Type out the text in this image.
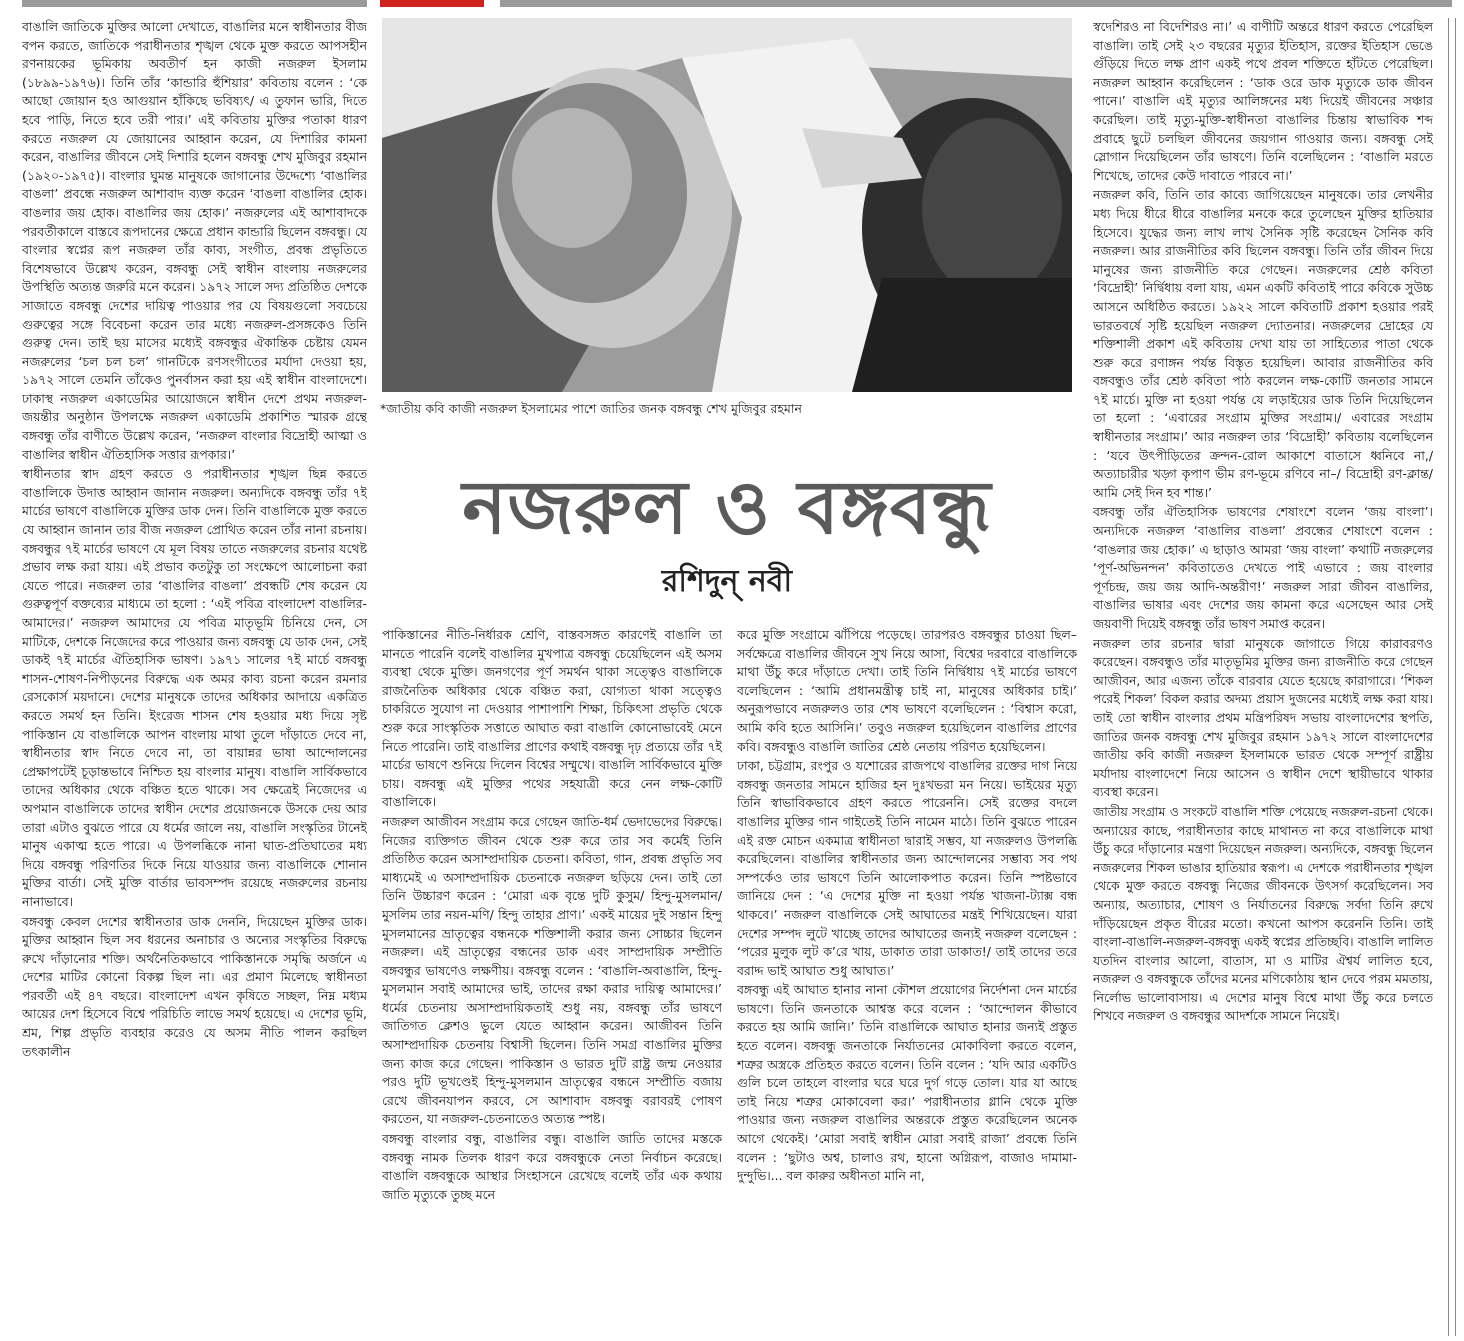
বাঙালি জাতিকে মুক্তির আলো দেখাতে, বাঙালির মনে স্বাধীনতার বীজ বপন করতে, জাতিকে পরাধীনতার শৃঙ্খল থেকে মুক্ত করতে আপসহীন রণনায়কের ভূমিকায় অবতীর্ণ হন কাজী নজরুল ইসলাম (১৮৯৯-১৯৭৬)। তিনি তাঁর ‘কান্ডারি হুঁশিয়ার’ কবিতায় বলেন : ‘কে আছো জোয়ান হও আগুয়ান হাঁকিছে ভবিষ্যৎ/ এ তুফান ভারি, দিতে হবে পাড়ি, নিতে হবে তরী পার।’ এই কবিতায় মুক্তির পতাকা ধারণ করতে নজরুল যে জোয়ানের আহ্বান করেন, যে দিশারির কামনা করেন, বাঙালির জীবনে সেই দিশারি হলেন বঙ্গবন্ধু শেখ মুজিবুর রহমান (১৯২০-১৯৭৫)। বাংলার ঘুমন্ত মানুষকে জাগানোর উদ্দেশ্যে ‘বাঙালির বাঙলা’ প্রবন্ধে নজরুল আশাবাদ ব্যক্ত করেন ‘বাঙলা বাঙালির হোক। বাঙলার জয় হোক। বাঙালির জয় হোক।’ নজরুলের এই আশাবাদকে পরবর্তীকালে বাস্তবে রূপদানের ক্ষেত্রে প্রধান কান্ডারি ছিলেন বঙ্গবন্ধু। যে বাংলার স্বপ্নের রূপ নজরুল তাঁর কাব্য, সংগীত, প্রবন্ধ প্রভৃতিতে বিশেষভাবে উল্লেখ করেন, বঙ্গবন্ধু সেই স্বাধীন বাংলায় নজরুলের উপস্থিতি অত্যন্ত জরুরি মনে করেন। ১৯৭২ সালে সদ্য প্রতিষ্ঠিত দেশকে সাজাতে বঙ্গবন্ধু দেশের দায়িত্ব পাওয়ার পর যে বিষয়গুলো সবচেয়ে গুরুত্বের সঙ্গে বিবেচনা করেন তার মধ্যে নজরুল-প্রসঙ্গকেও তিনি গুরুত্ব দেন। তাই ছয় মাসের মধ্যেই বঙ্গবন্ধুর ঐকান্তিক চেষ্টায় যেমন নজরুলের ‘চল চল চল’ গানটিকে রণসংগীতের মর্যাদা দেওয়া হয়, ১৯৭২ সালে তেমনি তাঁকেও পুনর্বাসন করা হয় এই স্বাধীন বাংলাদেশে। ঢাকাস্থ নজরুল একাডেমির আয়োজনে স্বাধীন দেশে প্রথম নজরুল-জয়ন্তীর অনুষ্ঠান উপলক্ষে নজরুল একাডেমি প্রকাশিত স্মারক গ্রন্থে বঙ্গবন্ধু তাঁর বাণীতে উল্লেখ করেন, ‘নজরুল বাংলার বিদ্রোহী আত্মা ও বাঙালির স্বাধীন ঐতিহাসিক সত্তার রূপকার।’

স্বাধীনতার স্বাদ গ্রহণ করতে ও পরাধীনতার শৃঙ্খল ছিন্ন করতে বাঙালিকে উদাত্ত আহ্বান জানান নজরুল। অন্যদিকে বঙ্গবন্ধু তাঁর ৭ই মার্চের ভাষণে বাঙালিকে মুক্তির ডাক দেন। তিনি বাঙালিকে মুক্ত করতে যে আহ্বান জানান তার বীজ নজরুল প্রোথিত করেন তাঁর নানা রচনায়। বঙ্গবন্ধুর ৭ই মার্চের ভাষণে যে মূল বিষয় তাতে নজরুলের রচনার যথেষ্ট প্রভাব লক্ষ করা যায়। এই প্রভাব কতটুকু তা সংক্ষেপে আলোচনা করা যেতে পারে। নজরুল তার ‘বাঙালির বাঙলা’ প্রবন্ধটি শেষ করেন যে গুরুত্বপূর্ণ বক্তব্যের মাধ্যমে তা হলো : ‘এই পবিত্র বাংলাদেশ বাঙালির-আমাদের।’ নজরুল আমাদের যে পবিত্র মাতৃভূমি চিনিয়ে দেন, সে মাটিকে, দেশকে নিজেদের করে পাওয়ার জন্য বঙ্গবন্ধু যে ডাক দেন, সেই ডাকই ৭ই মার্চের ঐতিহাসিক ভাষণ। ১৯৭১ সালের ৭ই মার্চে বঙ্গবন্ধু শাসন-শোষণ-নিপীড়নের বিরুদ্ধে এক অমর কাব্য রচনা করেন রমনার রেসকোর্স ময়দানে। দেশের মানুষকে তাদের অধিকার আদায়ে একত্রিত করতে সমর্থ হন তিনি। ইংরেজ শাসন শেষ হওয়ার মধ্য দিয়ে সৃষ্ট পাকিস্তান যে বাঙালিকে আপন বাংলায় মাথা তুলে দাঁড়াতে দেবে না, স্বাধীনতার স্বাদ নিতে দেবে না, তা বায়ান্নর ভাষা আন্দোলনের প্রেক্ষাপটেই চূড়ান্তভাবে নিশ্চিত হয় বাংলার মানুষ। বাঙালি সার্বিকভাবে তাদের অধিকার থেকে বঞ্চিত হতে থাকে। সব ক্ষেত্রেই নিজেদের এ অপমান বাঙালিকে তাদের স্বাধীন দেশের প্রয়োজনকে উসকে দেয় আর তারা এটাও বুঝতে পারে যে ধর্মের জালে নয়, বাঙালি সংস্কৃতির টানেই মানুষ একাত্ম হতে পারে। এ উপলব্ধিকে নানা ঘাত-প্রতিঘাতের মধ্য দিয়ে বঙ্গবন্ধু পরিণতির দিকে নিয়ে যাওয়ার জন্য বাঙালিকে শোনান মুক্তির বার্তা। সেই মুক্তি বার্তার ভাবসম্পদ রয়েছে নজরুলের রচনায় নানাভাবে।

বঙ্গবন্ধু কেবল দেশের স্বাধীনতার ডাক দেননি, দিয়েছেন মুক্তির ডাক। মুক্তির আহ্বান ছিল সব ধরনের অনাচার ও অন্যের সংস্কৃতির বিরুদ্ধে রুখে দাঁড়ানোর শক্তি। অর্থনৈতিকভাবে পাকিস্তানকে সমৃদ্ধি অর্জনে এ দেশের মাটির কোনো বিকল্প ছিল না। এর প্রমাণ মিলেছে স্বাধীনতা পরবর্তী এই ৪৭ বছরে। বাংলাদেশ এখন কৃষিতে সচ্ছল, নিম্ন মধ্যম আয়ের দেশ হিসেবে বিশ্বে পরিচিতি লাভে সমর্থ হয়েছে। এ দেশের ভূমি, শ্রম, শিল্প প্রভৃতি ব্যবহার করেও যে অসম নীতি পালন করছিল তৎকালীন

*জাতীয় কবি কাজী নজরুল ইসলামের পাশে জাতির জনক বঙ্গবন্ধু শেখ মুজিবুর রহমান
নজরুল ও বঙ্গবন্ধু
রশিদুন্ নবী

পাকিস্তানের নীতি-নির্ধারক শ্রেণি, বাস্তবসঙ্গত কারণেই বাঙালি তা মানতে পারেনি বলেই বাঙালির মুখপাত্র বঙ্গবন্ধু চেয়েছিলেন এই অসম ব্যবস্থা থেকে মুক্তি। জনগণের পূর্ণ সমর্থন থাকা সত্ত্বেও বাঙালিকে রাজনৈতিক অধিকার থেকে বঞ্চিত করা, যোগ্যতা থাকা সত্ত্বেও চাকরিতে সুযোগ না দেওয়ার পাশাপাশি শিক্ষা, চিকিৎসা প্রভৃতি থেকে শুরু করে সাংস্কৃতিক সত্তাতে আঘাত করা বাঙালি কোনোভাবেই মেনে নিতে পারেনি। তাই বাঙালির প্রাণের কথাই বঙ্গবন্ধু দৃঢ় প্রত্যয়ে তাঁর ৭ই মার্চের ভাষণে শুনিয়ে দিলেন বিশ্বের সম্মুখে। বাঙালি সার্বিকভাবে মুক্তি চায়। বঙ্গবন্ধু এই মুক্তির পথের সহযাত্রী করে নেন লক্ষ-কোটি বাঙালিকে।

নজরুল আজীবন সংগ্রাম করে গেছেন জাতি-ধর্ম ভেদাভেদের বিরুদ্ধে। নিজের ব্যক্তিগত জীবন থেকে শুরু করে তার সব কর্মেই তিনি প্রতিষ্ঠিত করেন অসাম্প্রদায়িক চেতনা। কবিতা, গান, প্রবন্ধ প্রভৃতি সব মাধ্যমেই এ অসাম্প্রদায়িক চেতনাকে নজরুল ছড়িয়ে দেন। তাই তো তিনি উচ্চারণ করেন : ‘মোরা এক বৃন্তে দুটি কুসুম/ হিন্দু-মুসলমান/ মুসলিম তার নয়ন-মণি/ হিন্দু তাহার প্রাণ।’ একই মায়ের দুই সন্তান হিন্দু মুসলমানের ভ্রাতৃত্বের বন্ধনকে শক্তিশালী করার জন্য সোচ্চার ছিলেন নজরুল। এই ভ্রাতৃত্বের বন্ধনের ডাক এবং সাম্প্রদায়িক সম্প্রীতি বঙ্গবন্ধুর ভাষণেও লক্ষণীয়। বঙ্গবন্ধু বলেন : ‘বাঙালি-অবাঙালি, হিন্দু-মুসলমান সবাই আমাদের ভাই, তাদের রক্ষা করার দায়িত্ব আমাদের।’ ধর্মের চেতনায় অসাম্প্রদায়িকতাই শুধু নয়, বঙ্গবন্ধু তাঁর ভাষণে জাতিগত ক্লেশও ভুলে যেতে আহ্বান করেন। আজীবন তিনি অসাম্প্রদায়িক চেতনায় বিশ্বাসী ছিলেন। তিনি সমগ্র বাঙালির মুক্তির জন্য কাজ করে গেছেন। পাকিস্তান ও ভারত দুটি রাষ্ট্র জন্ম নেওয়ার পরও দুটি ভূখণ্ডেই হিন্দু-মুসলমান ভ্রাতৃত্বের বন্ধনে সম্প্রীতি বজায় রেখে জীবনযাপন করবে, সে আশাবাদ বঙ্গবন্ধু বরাবরই পোষণ করতেন, যা নজরুল-চেতনাতেও অত্যন্ত স্পষ্ট।

বঙ্গবন্ধু বাংলার বন্ধু, বাঙালির বন্ধু। বাঙালি জাতি তাদের মস্তকে বঙ্গবন্ধু নামক তিলক ধারণ করে বঙ্গবন্ধুকে নেতা নির্বাচন করেছে। বাঙালি বঙ্গবন্ধুকে আস্থার সিংহাসনে রেখেছে বলেই তাঁর এক কথায় জাতি মৃত্যুকে তুচ্ছ মনে

করে মুক্তি সংগ্রামে ঝাঁপিয়ে পড়েছে। তারপরও বঙ্গবন্ধুর চাওয়া ছিল– সর্বক্ষেত্রে বাঙালির জীবনে সুখ নিয়ে আসা, বিশ্বের দরবারে বাঙালিকে মাথা উঁচু করে দাঁড়াতে দেখা। তাই তিনি নির্দ্বিধায় ৭ই মার্চের ভাষণে বলেছিলেন : ‘আমি প্রধানমন্ত্রীত্ব চাই না, মানুষের অধিকার চাই।’ অনুরূপভাবে নজরুলও তার শেষ ভাষণে বলেছিলেন : ‘বিশ্বাস করো, আমি কবি হতে আসিনি।’ তবুও নজরুল হয়েছিলেন বাঙালির প্রাণের কবি। বঙ্গবন্ধুও বাঙালি জাতির শ্রেষ্ঠ নেতায় পরিণত হয়েছিলেন।

ঢাকা, চট্টগ্রাম, রংপুর ও যশোরের রাজপথে বাঙালির রক্তের দাগ নিয়ে বঙ্গবন্ধু জনতার সামনে হাজির হন দুঃখভরা মন নিয়ে। ভাইয়ের মৃত্যু তিনি স্বাভাবিকভাবে গ্রহণ করতে পারেননি। সেই রক্তের বদলে বাঙালির মুক্তির গান গাইতেই তিনি নামেন মাঠে। তিনি বুঝতে পারেন এই রক্ত মোচন একমাত্র স্বাধীনতা দ্বারাই সম্ভব, যা নজরুলও উপলব্ধি করেছিলেন। বাঙালির স্বাধীনতার জন্য আন্দোলনের সম্ভাব্য সব পথ সম্পর্কেও তার ভাষণে তিনি আলোকপাত করেন। তিনি স্পষ্টভাবে জানিয়ে দেন : ‘এ দেশের মুক্তি না হওয়া পর্যন্ত খাজনা-ট্যাক্স বন্ধ থাকবে।’ নজরুল বাঙালিকে সেই আঘাতের মন্ত্রই শিখিয়েছেন। যারা দেশের সম্পদ লুটে খাচ্ছে তাদের আঘাতের জন্যই নজরুল বলেছেন : ‘পরের মুলুক লুট ক’রে খায়, ডাকাত তারা ডাকাত!/ তাই তাদের তরে বরাদ্দ ভাই আঘাত শুধু আঘাত।’

বঙ্গবন্ধু এই আঘাত হানার নানা কৌশল প্রয়োগের নির্দেশনা দেন মার্চের ভাষণে। তিনি জনতাকে আশ্বস্ত করে বলেন : ‘আন্দোলন কীভাবে করতে হয় আমি জানি।’ তিনি বাঙালিকে আঘাত হানার জন্যই প্রস্তুত হতে বলেন। বঙ্গবন্ধু জনতাকে নির্যাতনের মোকাবিলা করতে বলেন, শত্রুর অস্ত্রকে প্রতিহত করতে বলেন। তিনি বলেন : ‘যদি আর একটিও গুলি চলে তাহলে বাংলার ঘরে ঘরে দুর্গ গড়ে তোল। যার যা আছে তাই নিয়ে শত্রুর মোকাবেলা কর।’ পরাধীনতার গ্লানি থেকে মুক্তি পাওয়ার জন্য নজরুল বাঙালির অন্তরকে প্রস্তুত করেছিলেন অনেক আগে থেকেই। ‘মোরা সবাই স্বাধীন মোরা সবাই রাজা’ প্রবন্ধে তিনি বলেন : ‘ছুটাও অশ্ব, চালাও রথ, হানো অগ্নিরূপ, বাজাও দামামা-দুন্দুভি।... বল কারুর অধীনতা মানি না,

স্বদেশিরও না বিদেশিরও না।’ এ বাণীটি অন্তরে ধারণ করতে পেরেছিল বাঙালি। তাই সেই ২৩ বছরের মৃত্যুর ইতিহাস, রক্তের ইতিহাস ভেঙে গুঁড়িয়ে দিতে লক্ষ প্রাণ একই পথে প্রবল শক্তিতে হাঁটতে পেরেছিল। নজরুল আহ্বান করেছিলেন : ‘ডাক ওরে ডাক মৃত্যুকে ডাক জীবন পানে।’ বাঙালি এই মৃত্যুর আলিঙ্গনের মধ্য দিয়েই জীবনের সঞ্চার করেছিল। তাই মৃত্যু-মুক্তি-স্বাধীনতা বাঙালির চিন্তায় স্বাভাবিক শব্দ প্রবাহে ছুটে চলছিল জীবনের জয়গান গাওয়ার জন্য। বঙ্গবন্ধু সেই স্লোগান দিয়েছিলেন তাঁর ভাষণে। তিনি বলেছিলেন : ‘বাঙালি মরতে শিখেছে, তাদের কেউ দাবাতে পারবে না।’

নজরুল কবি, তিনি তার কাব্যে জাগিয়েছেন মানুষকে। তার লেখনীর মধ্য দিয়ে ধীরে ধীরে বাঙালির মনকে করে তুলেছেন মুক্তির হাতিয়ার হিসেবে। যুদ্ধের জন্য লাখ লাখ সৈনিক সৃষ্টি করেছেন সৈনিক কবি নজরুল। আর রাজনীতির কবি ছিলেন বঙ্গবন্ধু। তিনি তাঁর জীবন দিয়ে মানুষের জন্য রাজনীতি করে গেছেন। নজরুলের শ্রেষ্ঠ কবিতা ‘বিদ্রোহী’ নির্দ্বিধায় বলা যায়, এমন একটি কবিতাই পারে কবিকে সুউচ্চ আসনে অধিষ্ঠিত করতে। ১৯২২ সালে কবিতাটি প্রকাশ হওয়ার পরই ভারতবর্ষে সৃষ্টি হয়েছিল নজরুল দ্যোতনার। নজরুলের দ্রোহের যে শক্তিশালী প্রকাশ এই কবিতায় দেখা যায় তা সাহিত্যের পাতা থেকে শুরু করে রণাঙ্গন পর্যন্ত বিস্তৃত হয়েছিল। আবার রাজনীতির কবি বঙ্গবন্ধুও তাঁর শ্রেষ্ঠ কবিতা পাঠ করলেন লক্ষ-কোটি জনতার সামনে ৭ই মার্চে। মুক্তি না হওয়া পর্যন্ত যে লড়াইয়ের ডাক তিনি দিয়েছিলেন তা হলো : ‘এবারের সংগ্রাম মুক্তির সংগ্রাম।/ এবারের সংগ্রাম স্বাধীনতার সংগ্রাম।’ আর নজরুল তার ‘বিদ্রোহী’ কবিতায় বলেছিলেন : ‘যবে উৎপীড়িতের ক্রন্দন-রোল আকাশে বাতাসে ধ্বনিবে না,/ অত্যাচারীর খড়্গ কৃপাণ ভীম রণ-ভূমে রণিবে না–/ বিদ্রোহী রণ-ক্লান্ত/ আমি সেই দিন হব শান্ত।’

বঙ্গবন্ধু তাঁর ঐতিহাসিক ভাষণের শেষাংশে বলেন ‘জয় বাংলা’। অন্যদিকে নজরুল ‘বাঙালির বাঙলা’ প্রবন্ধের শেষাংশে বলেন : ‘বাঙলার জয় হোক।’ এ ছাড়াও আমরা ‘জয় বাংলা’ কথাটি নজরুলের ‘পূর্ণ-অভিনন্দন’ কবিতাতেও দেখতে পাই এভাবে : জয় বাংলার পূর্ণচন্দ্র, জয় জয় আদি-অন্তরীণ!’ নজরুল সারা জীবন বাঙালির, বাঙালির ভাষার এবং দেশের জয় কামনা করে এসেছেন আর সেই জয়বাণী দিয়েই বঙ্গবন্ধু তাঁর ভাষণ সমাপ্ত করেন।

নজরুল তার রচনার দ্বারা মানুষকে জাগাতে গিয়ে কারাবরণও করেছেন। বঙ্গবন্ধুও তাঁর মাতৃভূমির মুক্তির জন্য রাজনীতি করে গেছেন আজীবন, আর এজন্য তাঁকে বারবার যেতে হয়েছে কারাগারে। ‘শিকল পরেই শিকল’ বিকল করার অদম্য প্রয়াস দুজনের মধ্যেই লক্ষ করা যায়। তাই তো স্বাধীন বাংলার প্রথম মন্ত্রিপরিষদ সভায় বাংলাদেশের স্থপতি, জাতির জনক বঙ্গবন্ধু শেখ মুজিবুর রহমান ১৯৭২ সালে বাংলাদেশের জাতীয় কবি কাজী নজরুল ইসলামকে ভারত থেকে সম্পূর্ণ রাষ্ট্রীয় মর্যাদায় বাংলাদেশে নিয়ে আসেন ও স্বাধীন দেশে স্থায়ীভাবে থাকার ব্যবস্থা করেন।

জাতীয় সংগ্রাম ও সংকটে বাঙালি শক্তি পেয়েছে নজরুল-রচনা থেকে। অন্যায়ের কাছে, পরাধীনতার কাছে মাথানত না করে বাঙালিকে মাথা উঁচু করে দাঁড়ানোর মন্ত্রণা দিয়েছেন নজরুল। অন্যদিকে, বঙ্গবন্ধু ছিলেন নজরুলের শিকল ভাঙার হাতিয়ার স্বরূপ। এ দেশকে পরাধীনতার শৃঙ্খল থেকে মুক্ত করতে বঙ্গবন্ধু নিজের জীবনকে উৎসর্গ করেছিলেন। সব অন্যায়, অত্যাচার, শোষণ ও নির্যাতনের বিরুদ্ধে সর্বদা তিনি রুখে দাঁড়িয়েছেন প্রকৃত বীরের মতো। কখনো আপস করেননি তিনি। তাই বাংলা-বাঙালি-নজরুল-বঙ্গবন্ধু একই স্বপ্নের প্রতিচ্ছবি। বাঙালি লালিত যতদিন বাংলার আলো, বাতাস, মা ও মাটির ঐশ্বর্য লালিত হবে, নজরুল ও বঙ্গবন্ধুকে তাঁদের মনের মণিকোঠায় স্থান দেবে পরম মমতায়, নির্লোভ ভালোবাসায়। এ দেশের মানুষ বিশ্বে মাথা উঁচু করে চলতে শিখবে নজরুল ও বঙ্গবন্ধুর আদর্শকে সামনে নিয়েই।
